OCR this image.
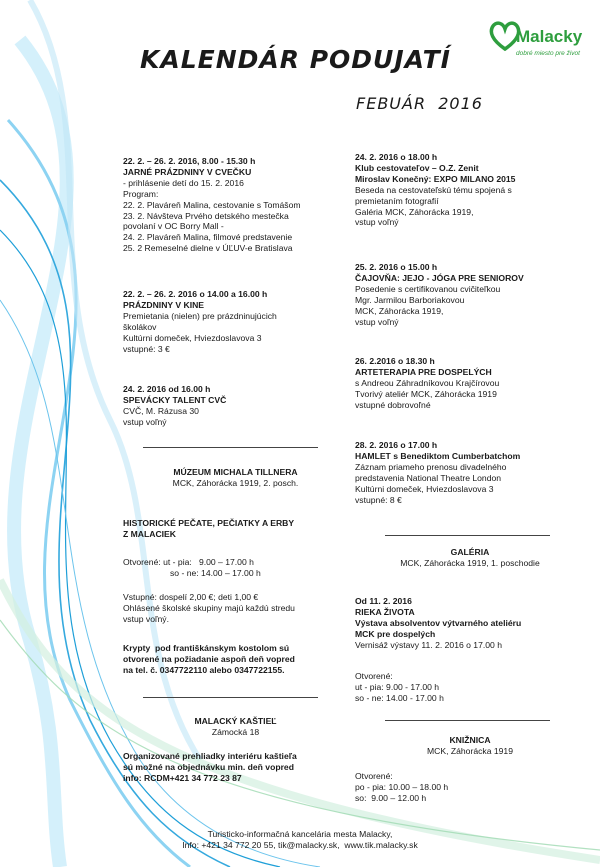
Malacky
dobré miesto pre život
KALENDÁR PODUJATÍ
FEBUÁR  2016
22. 2. – 26. 2. 2016, 8.00 - 15.30 h
JARNÉ PRÁZDNINY V CVEČKU
- prihlásenie detí do 15. 2. 2016
Program:
22. 2. Plaváreň Malina, cestovanie s Tomášom
23. 2. Návšteva Prvého detského mestečka
povolaní v OC Borry Mall -
24. 2. Plaváreň Malina, filmové predstavenie
25. 2 Remeselné dielne v ÚĽUV-e Bratislava
22. 2. – 26. 2. 2016 o 14.00 a 16.00 h
PRÁZDNINY V KINE
Premietania (nielen) pre prázdninujúcich
školákov
Kultúrni domeček, Hviezdoslavova 3
vstupné: 3 €
24. 2. 2016 od 16.00 h
SPEVÁCKY TALENT CVČ
CVČ, M. Rázusa 30
vstup voľný
MÚZEUM MICHALA TILLNERA
MCK, Záhorácka 1919, 2. posch.
HISTORICKÉ PEČATE, PEČIATKY A ERBY
Z MALACIEK
Otvorené: ut - pia:   9.00 – 17.00 h
so - ne: 14.00 – 17.00 h
Vstupné: dospelí 2,00 €; deti 1,00 €
Ohlásené školské skupiny majú každú stredu
vstup voľný.
Krypty  pod františkánskym kostolom sú
otvorené na požiadanie aspoň deň vopred
na tel. č. 0347722110 alebo 0347722155.
MALACKÝ KAŠTIEĽ
Zámocká 18
Organizované prehliadky interiéru kaštieľa
sú možné na objednávku min. deň vopred
info: RCDM+421 34 772 23 87
24. 2. 2016 o 18.00 h
Klub cestovateľov – O.Z. Zenit
Miroslav Konečný: EXPO MILANO 2015
Beseda na cestovateľskú tému spojená s
premietaním fotografií
Galéria MCK, Záhorácka 1919,
vstup voľný
25. 2. 2016 o 15.00 h
ČAJOVŇA: JEJO - JÓGA PRE SENIOROV
Posedenie s certifikovanou cvičiteľkou
Mgr. Jarmilou Barboriakovou
MCK, Záhorácka 1919,
vstup voľný
26. 2.2016 o 18.30 h
ARTETERAPIA PRE DOSPELÝCH
s Andreou Záhradníkovou Krajčírovou
Tvorivý ateliér MCK, Záhorácka 1919
vstupné dobrovoľné
28. 2. 2016 o 17.00 h
HAMLET s Benediktom Cumberbatchom
Záznam priameho prenosu divadelného
predstavenia National Theatre London
Kultúrni domeček, Hviezdoslavova 3
vstupné: 8 €
GALÉRIA
MCK, Záhorácka 1919, 1. poschodie
Od 11. 2. 2016
RIEKA ŽIVOTA
Výstava absolventov výtvarného ateliéru
MCK pre dospelých
Vernisáž výstavy 11. 2. 2016 o 17.00 h
Otvorené:
ut - pia: 9.00 - 17.00 h
so - ne: 14.00 - 17.00 h
KNIŽNICA
MCK, Záhorácka 1919
Otvorené:
po - pia: 10.00 – 18.00 h
so:  9.00 – 12.00 h
Turisticko-informačná kancelária mesta Malacky,
Info: +421 34 772 20 55, tik@malacky.sk,  www.tik.malacky.sk
